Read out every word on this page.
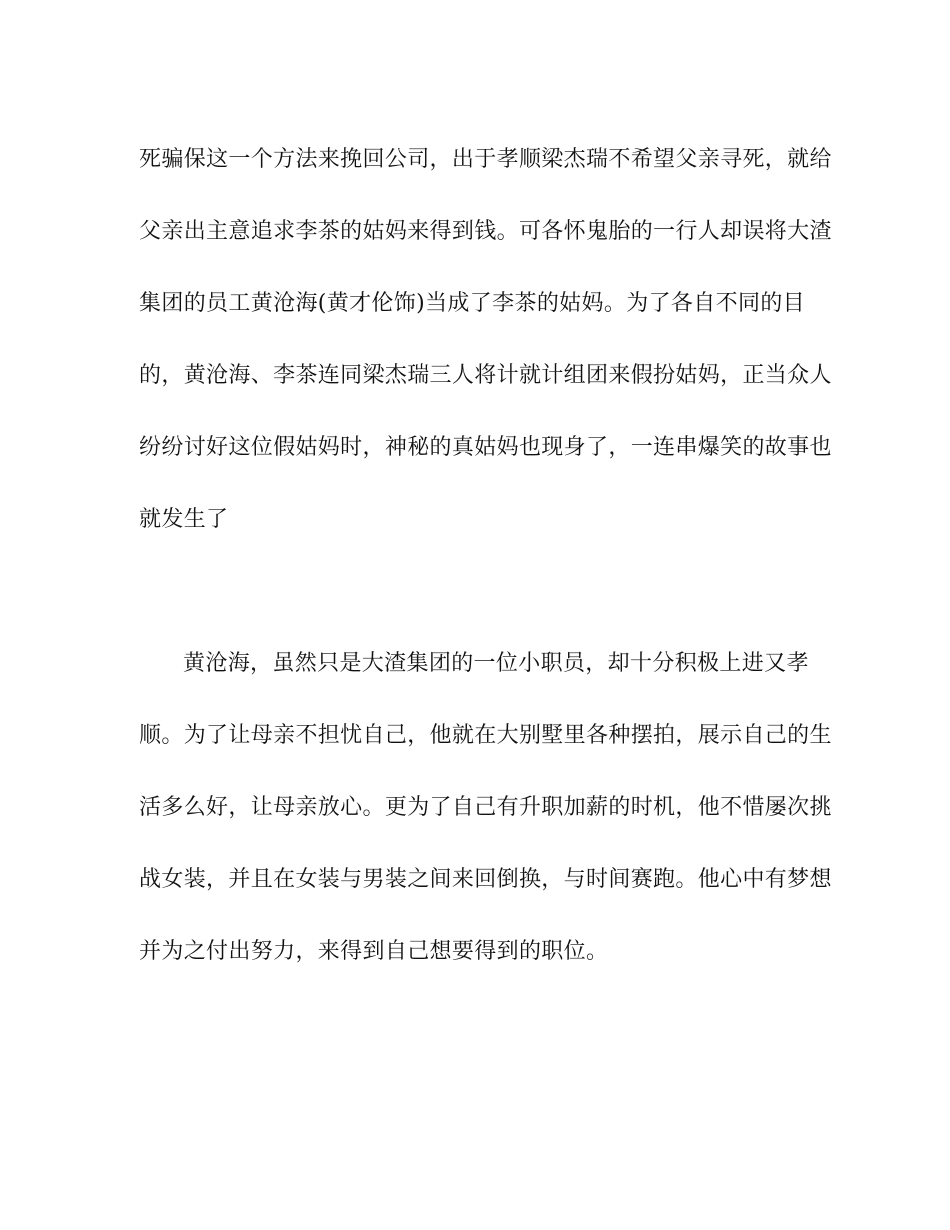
死骗保这一个方法来挽回公司，出于孝顺梁杰瑞不希望父亲寻死，就给

父亲出主意追求李茶的姑妈来得到钱。可各怀鬼胎的一行人却误将大渣

集团的员工黄沧海(黄才伦饰)当成了李茶的姑妈。为了各自不同的目

的，黄沧海、李茶连同梁杰瑞三人将计就计组团来假扮姑妈，正当众人

纷纷讨好这位假姑妈时，神秘的真姑妈也现身了，一连串爆笑的故事也

就发生了

黄沧海，虽然只是大渣集团的一位小职员，却十分积极上进又孝

顺。为了让母亲不担忧自己，他就在大别墅里各种摆拍，展示自己的生

活多么好，让母亲放心。更为了自己有升职加薪的时机，他不惜屡次挑

战女装，并且在女装与男装之间来回倒换，与时间赛跑。他心中有梦想

并为之付出努力，来得到自己想要得到的职位。
